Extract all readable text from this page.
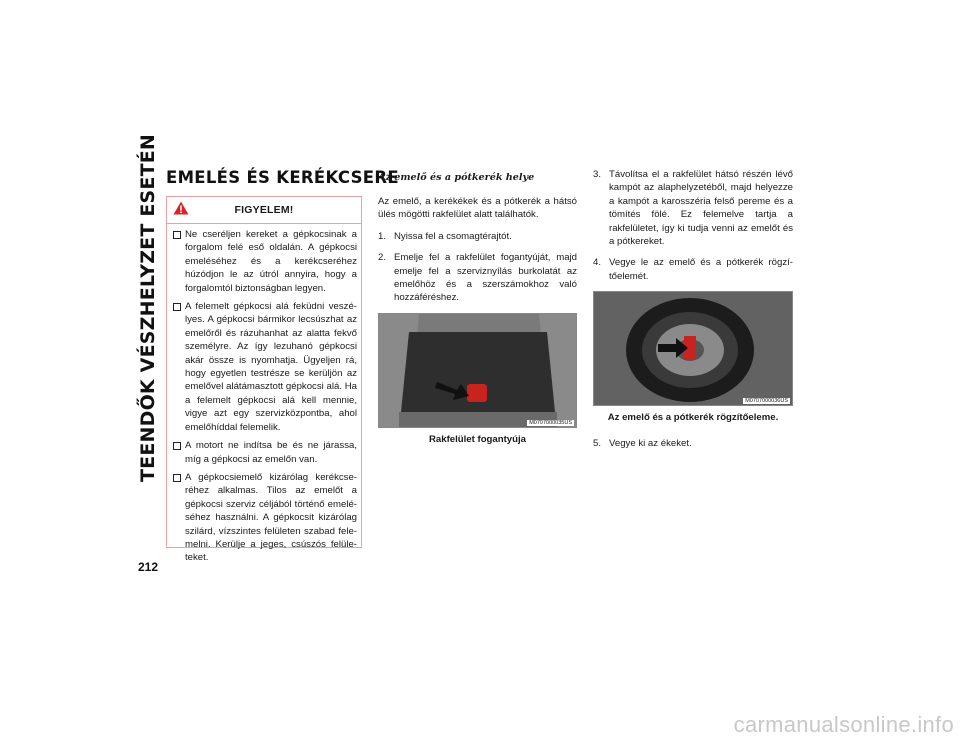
TEENDŐK VÉSZHELYZET ESETÉN
212
EMELÉS ÉS KERÉKCSERE
FIGYELEM!
Ne cseréljen kereket a gépkocsinak a forgalom felé eső oldalán. A gépkocsi emeléséhez és a kerékcseréhez húzódjon le az útról annyira, hogy a forgalomtól biztonságban legyen.
A felemelt gépkocsi alá feküdni veszé-lyes. A gépkocsi bármikor lecsúszhat az emelőről és rázuhanhat az alatta fekvő személyre. Az így lezuhanó gépkocsi akár össze is nyomhatja. Ügyeljen rá, hogy egyetlen testrésze se kerüljön az emelővel alátámasztott gépkocsi alá. Ha a felemelt gépkocsi alá kell mennie, vigye azt egy szervizközpontba, ahol emelőhíddal felemelik.
A motort ne indítsa be és ne járassa, míg a gépkocsi az emelőn van.
A gépkocsiemelő kizárólag kerékcse-réhez alkalmas. Tilos az emelőt a gépkocsi szerviz céljából történő emelé-séhez használni. A gépkocsit kizárólag szilárd, vízszintes felületen szabad fele-melni. Kerülje a jeges, csúszós felüle-teket.
Az emelő és a pótkerék helye

Az emelő, a kerékékek és a pótkerék a hátsó ülés mögötti rakfelület alatt találhatók.

1. Nyissa fel a csomagtérajtót.
2. Emelje fel a rakfelület fogantyúját, majd emelje fel a szerviznyílás burkolatát az emelőhöz és a szerszámokhoz való hozzáféréshez.
M0707000035US
Rakfelület fogantyúja
3. Távolítsa el a rakfelület hátsó részén lévő kampót az alaphelyzetéből, majd helyezze a kampót a karosszéria felső pereme és a tömítés fölé. Ez felemelve tartja a rakfelületet, így ki tudja venni az emelőt és a pótkereket.
4. Vegye le az emelő és a pótkerék rögzí-tőelemét.
M0707000036US
Az emelő és a pótkerék rögzítőeleme.
5. Vegye ki az ékeket.
carmanualsonline.info
